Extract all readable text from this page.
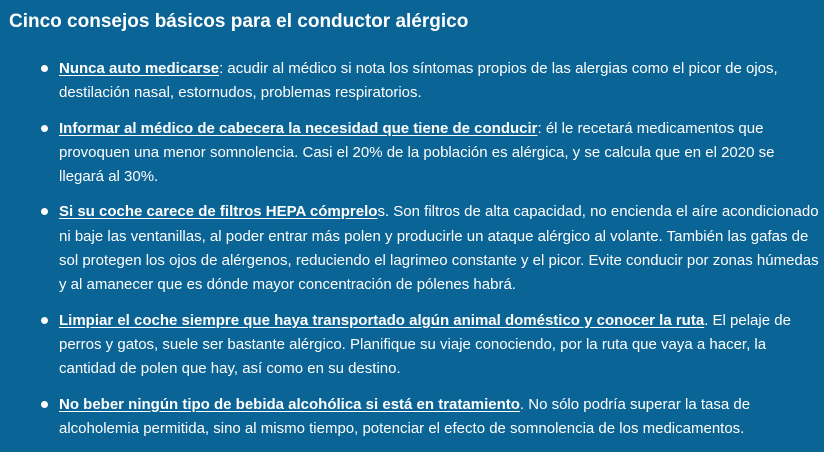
Cinco consejos básicos para el conductor alérgico
Nunca auto medicarse: acudir al médico si nota los síntomas propios de las alergias como el picor de ojos, destilación nasal, estornudos, problemas respiratorios.
Informar al médico de cabecera la necesidad que tiene de conducir: él le recetará medicamentos que provoquen una menor somnolencia. Casi el 20% de la población es alérgica, y se calcula que en el 2020 se llegará al 30%.
Si su coche carece de filtros HEPA cómprelos. Son filtros de alta capacidad, no encienda el aíre acondicionado ni baje las ventanillas, al poder entrar más polen y producirle un ataque alérgico al volante. También las gafas de sol protegen los ojos de alérgenos, reduciendo el lagrimeo constante y el picor. Evite conducir por zonas húmedas y al amanecer que es dónde mayor concentración de pólenes habrá.
Limpiar el coche siempre que haya transportado algún animal doméstico y conocer la ruta. El pelaje de perros y gatos, suele ser bastante alérgico. Planifique su viaje conociendo, por la ruta que vaya a hacer, la cantidad de polen que hay, así como en su destino.
No beber ningún tipo de bebida alcohólica si está en tratamiento. No sólo podría superar la tasa de alcoholemia permitida, sino al mismo tiempo, potenciar el efecto de somnolencia de los medicamentos.
